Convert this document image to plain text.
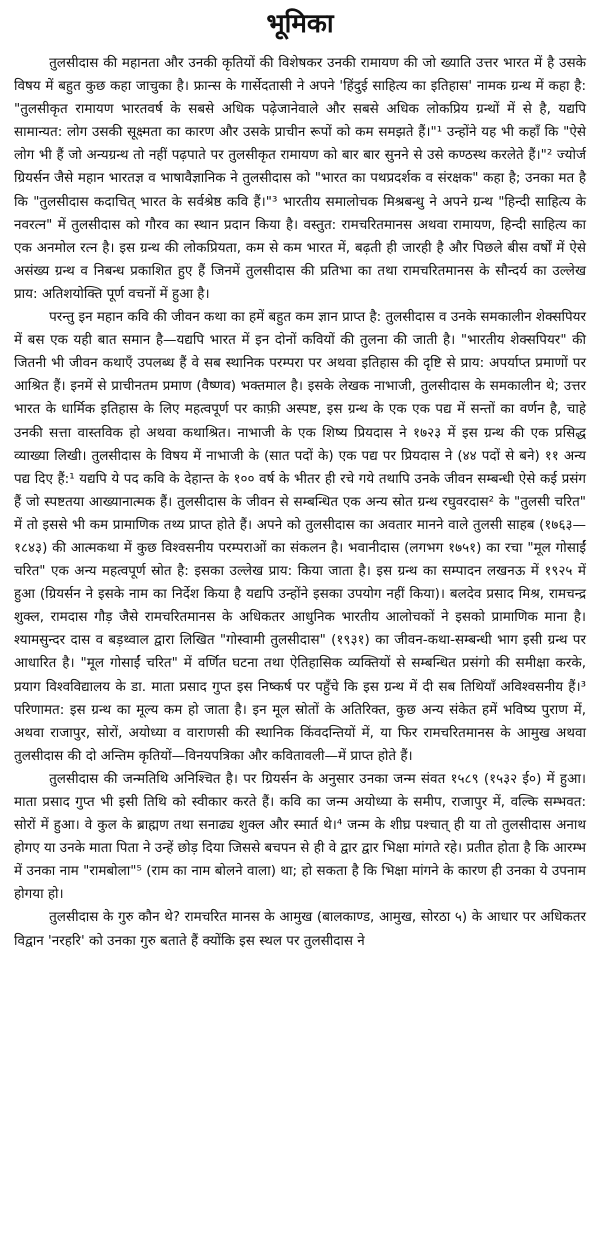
भूमिका

तुलसीदास की महानता और उनकी कृतियों की विशेषकर उनकी रामायण की जो ख्याति उत्तर भारत में है उसके विषय में बहुत कुछ कहा जाचुका है। फ्रान्स के गार्सेदतासी ने अपने 'हिंदुई साहित्य का इतिहास' नामक ग्रन्थ में कहा है: "तुलसीकृत रामायण भारतवर्ष के सबसे अधिक पढ़ेजानेवाले और सबसे अधिक लोकप्रिय ग्रन्थों में से है, यद्यपि सामान्यत: लोग उसकी सूक्ष्मता का कारण और उसके प्राचीन रूपों को कम समझते हैं।"¹ उन्होंने यह भी कहाँ कि "ऐसे लोग भी हैं जो अन्यग्रन्थ तो नहीं पढ़पाते पर तुलसीकृत रामायण को बार बार सुनने से उसे कण्ठस्थ करलेते हैं।"² ज्योर्ज ग्रियर्सन जैसे महान भारतज्ञ व भाषावैज्ञानिक ने तुलसीदास को "भारत का पथप्रदर्शक व संरक्षक" कहा है; उनका मत है कि "तुलसीदास कदाचित् भारत के सर्वश्रेष्ठ कवि हैं।"³ भारतीय समालोचक मिश्रबन्धु ने अपने ग्रन्थ "हिन्दी साहित्य के नवरत्न" में तुलसीदास को गौरव का स्थान प्रदान किया है। वस्तुत: रामचरितमानस अथवा रामायण, हिन्दी साहित्य का एक अनमोल रत्न है। इस ग्रन्थ की लोकप्रियता, कम से कम भारत में, बढ़ती ही जारही है और पिछले बीस वर्षों में ऐसे असंख्य ग्रन्थ व निबन्ध प्रकाशित हुए हैं जिनमें तुलसीदास की प्रतिभा का तथा रामचरितमानस के सौन्दर्य का उल्लेख प्राय: अतिशयोक्ति पूर्ण वचनों में हुआ है।

परन्तु इन महान कवि की जीवन कथा का हमें बहुत कम ज्ञान प्राप्त है: तुलसीदास व उनके समकालीन शेक्सपियर में बस एक यही बात समान है—यद्यपि भारत में इन दोनों कवियों की तुलना की जाती है। "भारतीय शेक्सपियर" की जितनी भी जीवन कथाएँ उपलब्ध हैं वे सब स्थानिक परम्परा पर अथवा इतिहास की दृष्टि से प्राय: अपर्याप्त प्रमाणों पर आश्रित हैं। इनमें से प्राचीनतम प्रमाण (वैष्णव) भक्तमाल है। इसके लेखक नाभाजी, तुलसीदास के समकालीन थे; उत्तर भारत के धार्मिक इतिहास के लिए महत्वपूर्ण पर काफ़ी अस्पष्ट, इस ग्रन्थ के एक एक पद्य में सन्तों का वर्णन है, चाहे उनकी सत्ता वास्तविक हो अथवा कथाश्रित। नाभाजी के एक शिष्य प्रियदास ने १७२३ में इस ग्रन्थ की एक प्रसिद्ध व्याख्या लिखी। तुलसीदास के विषय में नाभाजी के (सात पदों के) एक पद्य पर प्रियदास ने (४४ पदों से बने) ११ अन्य पद्य दिए हैं:¹ यद्यपि ये पद कवि के देहान्त के १०० वर्ष के भीतर ही रचे गये तथापि उनके जीवन सम्बन्धी ऐसे कई प्रसंग हैं जो स्पष्टतया आख्यानात्मक हैं। तुलसीदास के जीवन से सम्बन्धित एक अन्य स्रोत ग्रन्थ रघुवरदास² के "तुलसी चरित" में तो इससे भी कम प्रामाणिक तथ्य प्राप्त होते हैं। अपने को तुलसीदास का अवतार मानने वाले तुलसी साहब (१७६३—१८४३) की आत्मकथा में कुछ विश्वसनीय परम्पराओं का संकलन है। भवानीदास (लगभग १७५१) का रचा "मूल गोसाईं चरित" एक अन्य महत्वपूर्ण स्रोत है: इसका उल्लेख प्राय: किया जाता है। इस ग्रन्थ का सम्पादन लखनऊ में १९२५ में हुआ (ग्रियर्सन ने इसके नाम का निर्देश किया है यद्यपि उन्होंने इसका उपयोग नहीं किया)। बलदेव प्रसाद मिश्र, रामचन्द्र शुक्ल, रामदास गौड़ जैसे रामचरितमानस के अधिकतर आधुनिक भारतीय आलोचकों ने इसको प्रामाणिक माना है। श्यामसुन्दर दास व बड़थ्वाल द्वारा लिखित "गोस्वामी तुलसीदास" (१९३१) का जीवन-कथा-सम्बन्धी भाग इसी ग्रन्थ पर आधारित है। "मूल गोसाईं चरित" में वर्णित घटना तथा ऐतिहासिक व्यक्तियों से सम्बन्धित प्रसंगो की समीक्षा करके, प्रयाग विश्वविद्यालय के डा. माता प्रसाद गुप्त इस निष्कर्ष पर पहुँचे कि इस ग्रन्थ में दी सब तिथियाँ अविश्वसनीय हैं।³ परिणामत: इस ग्रन्थ का मूल्य कम हो जाता है। इन मूल स्रोतों के अतिरिक्त, कुछ अन्य संकेत हमें भविष्य पुराण में, अथवा राजापुर, सोरों, अयोध्या व वाराणसी की स्थानिक किंवदन्तियों में, या फिर रामचरितमानस के आमुख अथवा तुलसीदास की दो अन्तिम कृतियों—विनयपत्रिका और कवितावली—में प्राप्त होते हैं।

तुलसीदास की जन्मतिथि अनिश्चित है। पर ग्रियर्सन के अनुसार उनका जन्म संवत १५८९ (१५३२ ई०) में हुआ। माता प्रसाद गुप्त भी इसी तिथि को स्वीकार करते हैं। कवि का जन्म अयोध्या के समीप, राजापुर में, वल्कि सम्भवत: सोरों में हुआ। वे कुल के ब्राह्मण तथा सनाढ्य शुक्ल और स्मार्त थे।⁴ जन्म के शीघ्र पश्चात् ही या तो तुलसीदास अनाथ होगए या उनके माता पिता ने उन्हें छोड़ दिया जिससे बचपन से ही वे द्वार द्वार भिक्षा मांगते रहे। प्रतीत होता है कि आरम्भ में उनका नाम "रामबोला"⁵ (राम का नाम बोलने वाला) था; हो सकता है कि भिक्षा मांगने के कारण ही उनका ये उपनाम होगया हो।

तुलसीदास के गुरु कौन थे? रामचरित मानस के आमुख (बालकाण्ड, आमुख, सोरठा ५) के आधार पर अधिकतर विद्वान 'नरहरि' को उनका गुरु बताते हैं क्योंकि इस स्थल पर तुलसीदास ने
